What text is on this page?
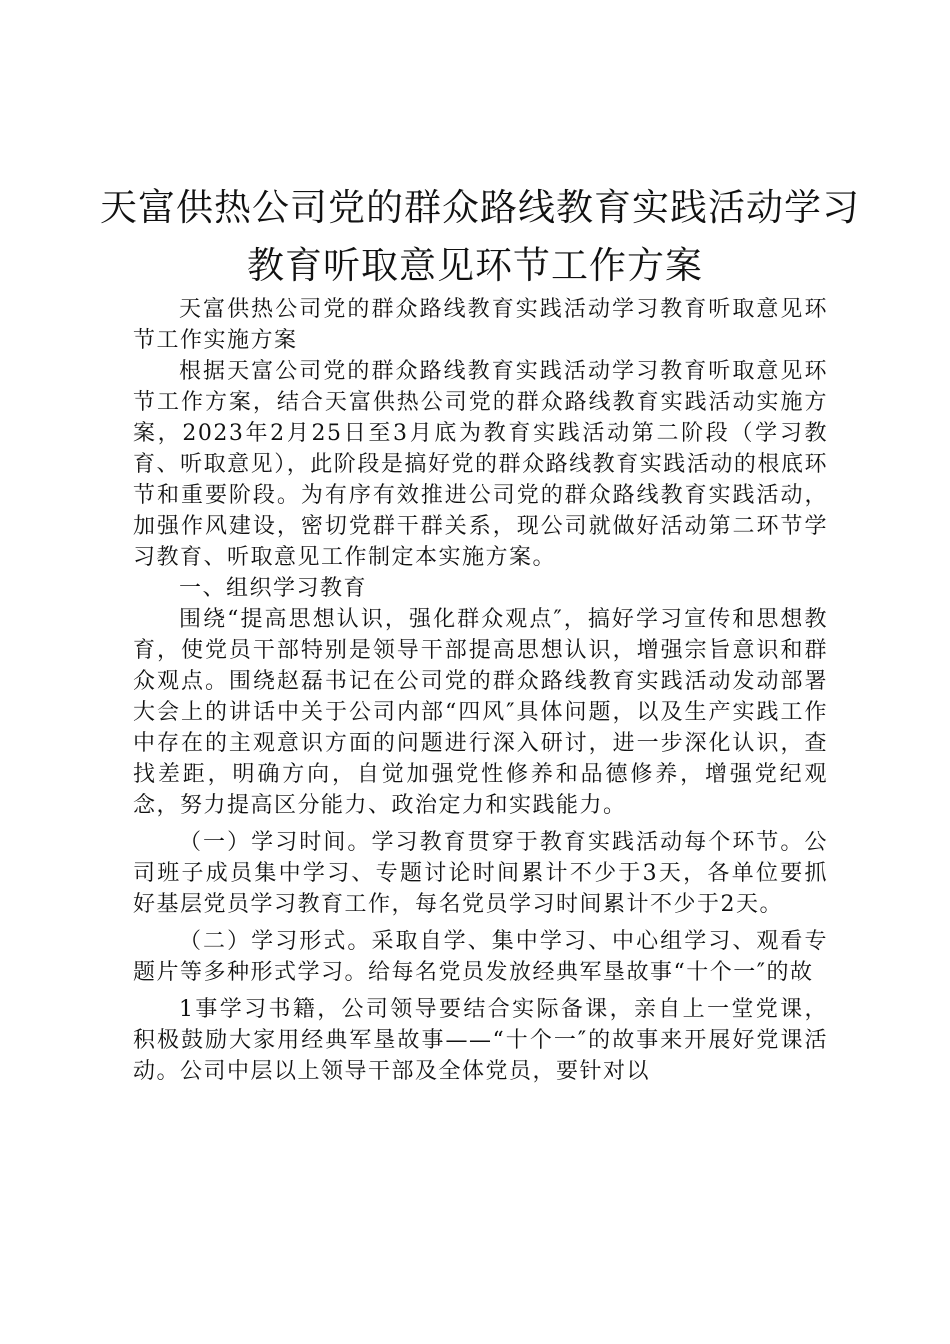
天富供热公司党的群众路线教育实践活动学习
教育听取意见环节工作方案

天富供热公司党的群众路线教育实践活动学习教育听取意见环节工作实施方案

根据天富公司党的群众路线教育实践活动学习教育听取意见环节工作方案，结合天富供热公司党的群众路线教育实践活动实施方案，2023年2月25日至3月底为教育实践活动第二阶段（学习教育、听取意见），此阶段是搞好党的群众路线教育实践活动的根底环节和重要阶段。为有序有效推进公司党的群众路线教育实践活动，加强作风建设，密切党群干群关系，现公司就做好活动第二环节学习教育、听取意见工作制定本实施方案。

一、组织学习教育

围绕“提高思想认识，强化群众观点″，搞好学习宣传和思想教育，使党员干部特别是领导干部提高思想认识，增强宗旨意识和群众观点。围绕赵磊书记在公司党的群众路线教育实践活动发动部署大会上的讲话中关于公司内部“四风″具体问题，以及生产实践工作中存在的主观意识方面的问题进行深入研讨，进一步深化认识，查找差距，明确方向，自觉加强党性修养和品德修养，增强党纪观念，努力提高区分能力、政治定力和实践能力。

（一）学习时间。学习教育贯穿于教育实践活动每个环节。公司班子成员集中学习、专题讨论时间累计不少于3天，各单位要抓好基层党员学习教育工作，每名党员学习时间累计不少于2天。

（二）学习形式。采取自学、集中学习、中心组学习、观看专题片等多种形式学习。给每名党员发放经典军垦故事“十个一″的故

1事学习书籍，公司领导要结合实际备课，亲自上一堂党课，积极鼓励大家用经典军垦故事——“十个一″的故事来开展好党课活动。公司中层以上领导干部及全体党员，要针对以
